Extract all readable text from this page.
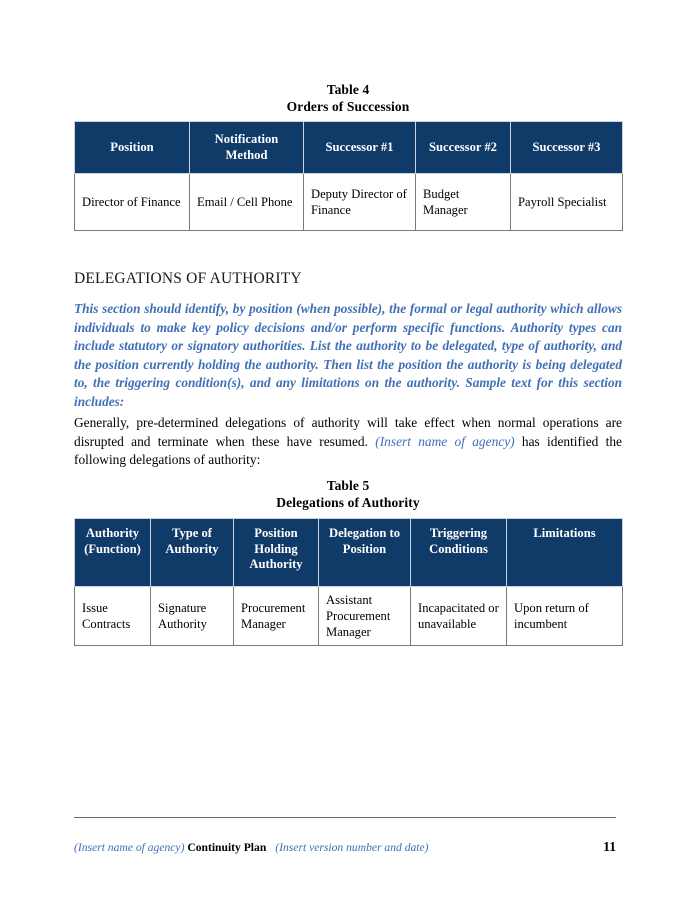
Table 4
Orders of Succession
Position	Notification Method	Successor #1	Successor #2	Successor #3
Director of Finance	Email / Cell Phone	Deputy Director of Finance	Budget Manager	Payroll Specialist
DELEGATIONS OF AUTHORITY

This section should identify, by position (when possible), the formal or legal authority which allows individuals to make key policy decisions and/or perform specific functions. Authority types can include statutory or signatory authorities. List the authority to be delegated, type of authority, and the position currently holding the authority. Then list the position the authority is being delegated to, the triggering condition(s), and any limitations on the authority. Sample text for this section includes:

Generally, pre-determined delegations of authority will take effect when normal operations are disrupted and terminate when these have resumed. (Insert name of agency) has identified the following delegations of authority:

Table 5
Delegations of Authority
Authority (Function)	Type of Authority	Position Holding Authority	Delegation to Position	Triggering Conditions	Limitations
Issue Contracts	Signature Authority	Procurement Manager	Assistant Procurement Manager	Incapacitated or unavailable	Upon return of incumbent
(Insert name of agency) Continuity Plan (Insert version number and date)	11
